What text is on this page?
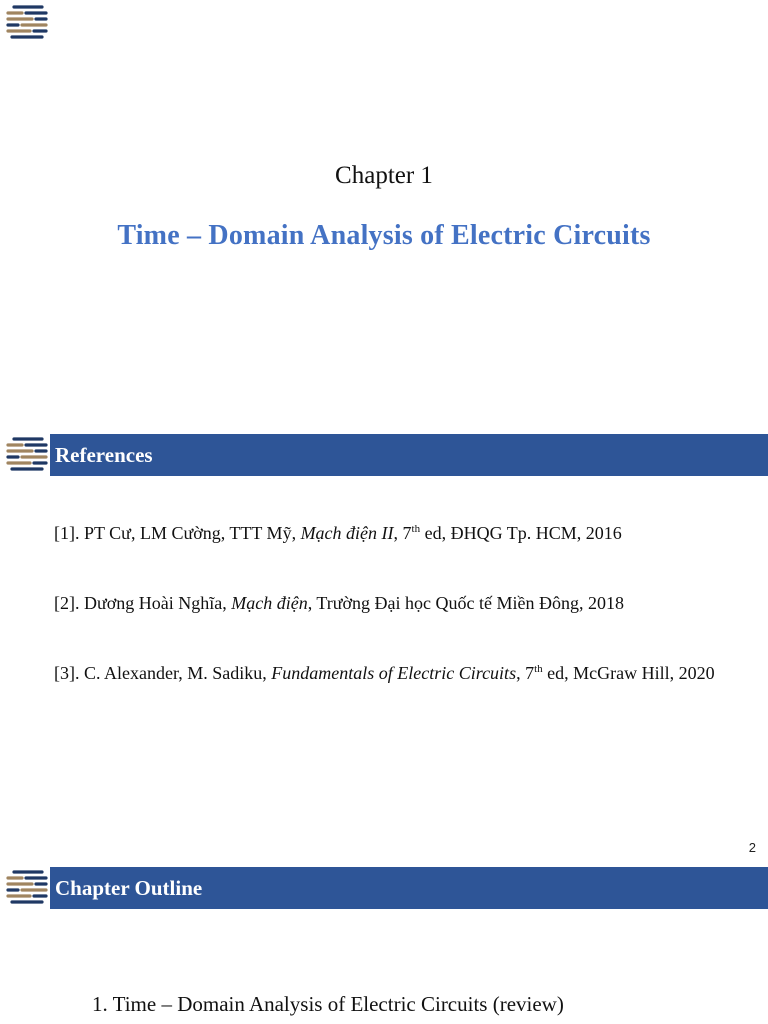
Chapter 1
Time – Domain Analysis of Electric Circuits
References
[1]. PT Cư, LM Cường, TTT Mỹ, Mạch điện II, 7th ed, ĐHQG Tp. HCM, 2016
[2]. Dương Hoài Nghĩa, Mạch điện, Trường Đại học Quốc tế Miền Đông, 2018
[3]. C. Alexander, M. Sadiku, Fundamentals of Electric Circuits, 7th ed, McGraw Hill, 2020
2
Chapter Outline
1. Time – Domain Analysis of Electric Circuits (review)
